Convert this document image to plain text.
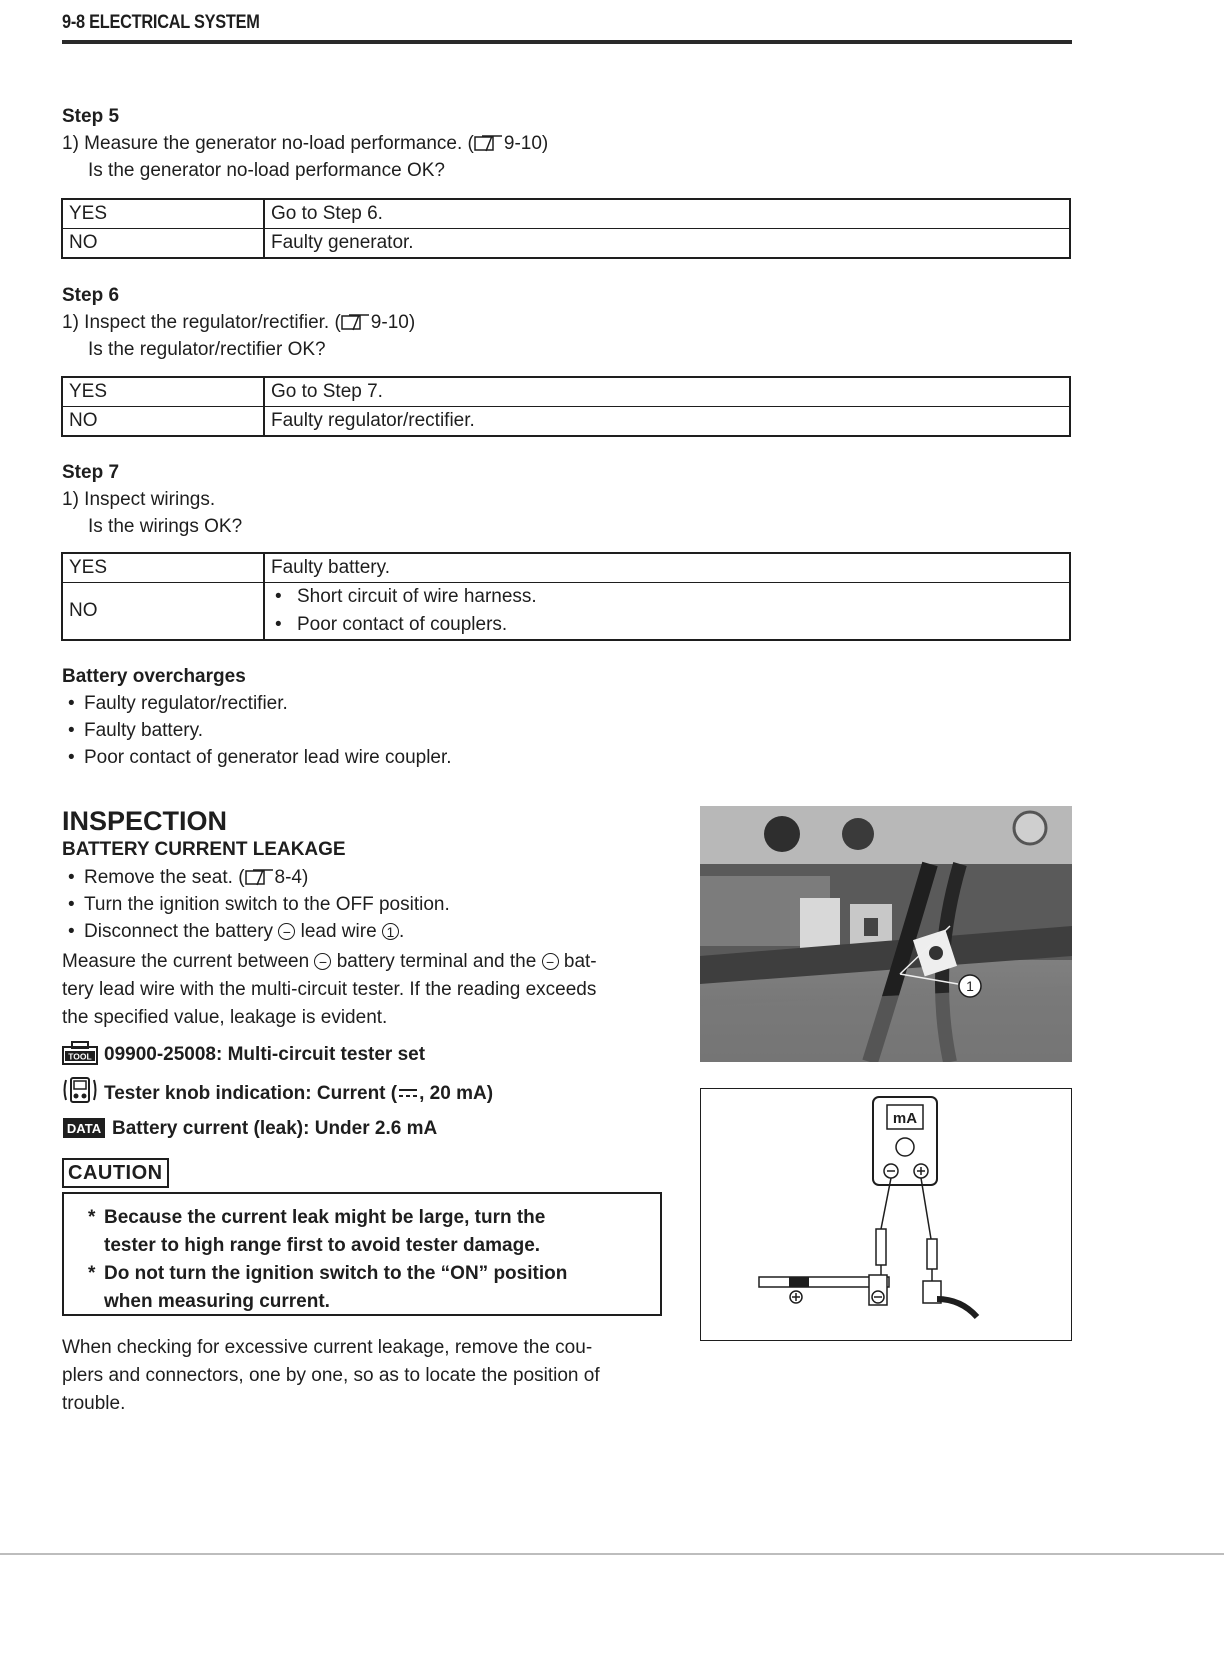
9-8 ELECTRICAL SYSTEM
Step 5
1) Measure the generator no-load performance. ( 9-10)
Is the generator no-load performance OK?
YES	Go to Step 6.
NO	Faulty generator.
Step 6
1) Inspect the regulator/rectifier. ( 9-10)
Is the regulator/rectifier OK?
YES	Go to Step 7.
NO	Faulty regulator/rectifier.
Step 7
1) Inspect wirings.
Is the wirings OK?
YES	Faulty battery.
NO	• Short circuit of wire harness.
• Poor contact of couplers.
Battery overcharges
• Faulty regulator/rectifier.
• Faulty battery.
• Poor contact of generator lead wire coupler.
INSPECTION
BATTERY CURRENT LEAKAGE
• Remove the seat. ( 8-4)
• Turn the ignition switch to the OFF position.
• Disconnect the battery − lead wire 1 .
Measure the current between − battery terminal and the − bat-
tery lead wire with the multi-circuit tester. If the reading exceeds
the specified value, leakage is evident.
TOOL 09900-25008: Multi-circuit tester set
Tester knob indication: Current ( , 20 mA)
DATA Battery current (leak): Under 2.6 mA
CAUTION
* Because the current leak might be large, turn the
tester to high range first to avoid tester damage.
* Do not turn the ignition switch to the “ON” position
when measuring current.
When checking for excessive current leakage, remove the cou-
plers and connectors, one by one, so as to locate the position of
trouble.
1
mA
